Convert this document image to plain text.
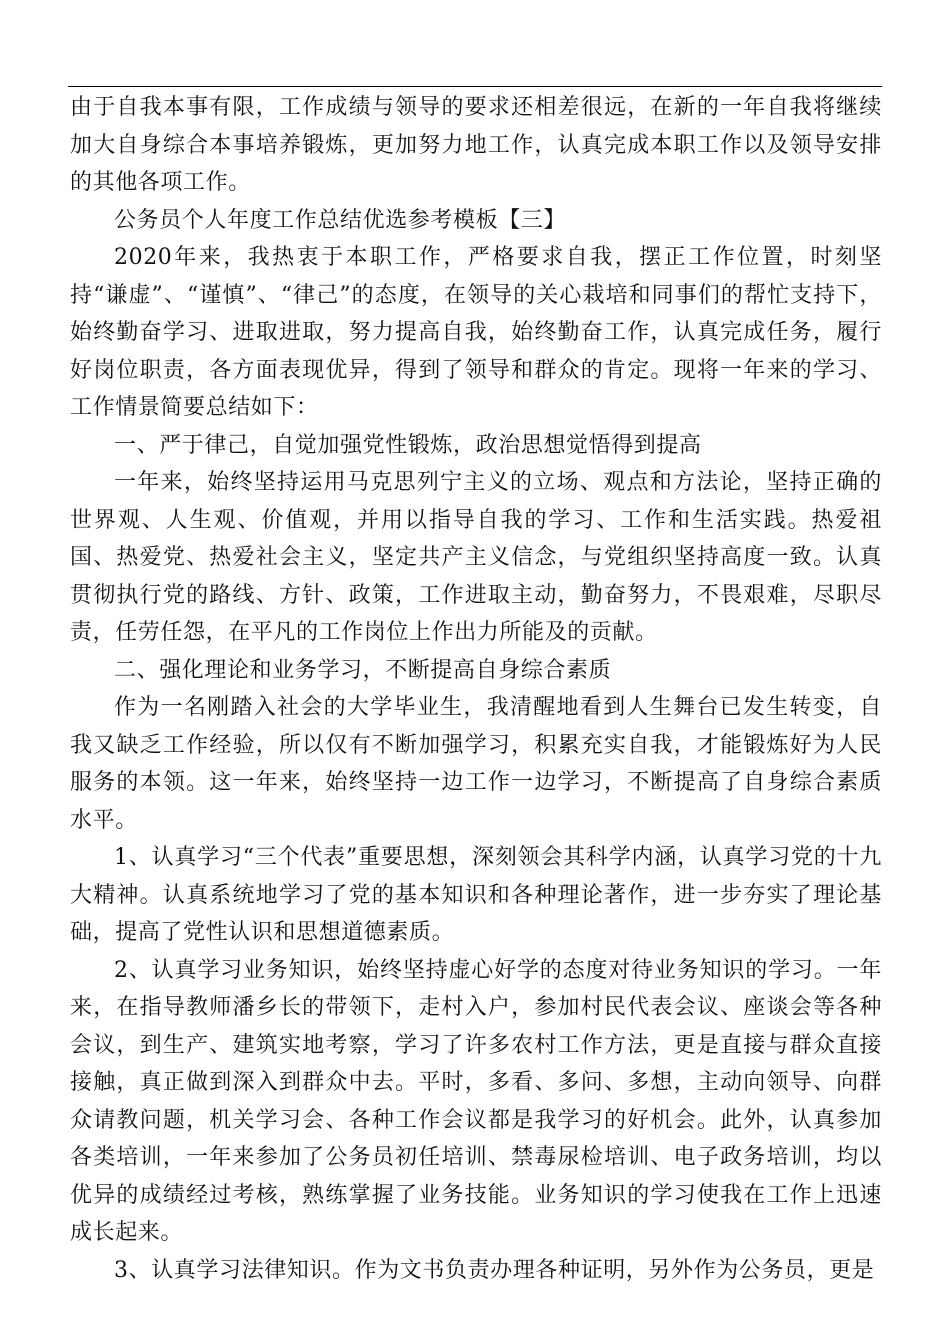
由于自我本事有限，工作成绩与领导的要求还相差很远，在新的一年自我将继续加大自身综合本事培养锻炼，更加努力地工作，认真完成本职工作以及领导安排的其他各项工作。

公务员个人年度工作总结优选参考模板【三】

2020年来，我热衷于本职工作，严格要求自我，摆正工作位置，时刻坚持“谦虚”、“谨慎”、“律己”的态度，在领导的关心栽培和同事们的帮忙支持下，始终勤奋学习、进取进取，努力提高自我，始终勤奋工作，认真完成任务，履行好岗位职责，各方面表现优异，得到了领导和群众的肯定。现将一年来的学习、工作情景简要总结如下：

一、严于律己，自觉加强党性锻炼，政治思想觉悟得到提高

一年来，始终坚持运用马克思列宁主义的立场、观点和方法论，坚持正确的世界观、人生观、价值观，并用以指导自我的学习、工作和生活实践。热爱祖国、热爱党、热爱社会主义，坚定共产主义信念，与党组织坚持高度一致。认真贯彻执行党的路线、方针、政策，工作进取主动，勤奋努力，不畏艰难，尽职尽责，任劳任怨，在平凡的工作岗位上作出力所能及的贡献。

二、强化理论和业务学习，不断提高自身综合素质

作为一名刚踏入社会的大学毕业生，我清醒地看到人生舞台已发生转变，自我又缺乏工作经验，所以仅有不断加强学习，积累充实自我，才能锻炼好为人民服务的本领。这一年来，始终坚持一边工作一边学习，不断提高了自身综合素质水平。

1、认真学习“三个代表”重要思想，深刻领会其科学内涵，认真学习党的十九大精神。认真系统地学习了党的基本知识和各种理论著作，进一步夯实了理论基础，提高了党性认识和思想道德素质。

2、认真学习业务知识，始终坚持虚心好学的态度对待业务知识的学习。一年来，在指导教师潘乡长的带领下，走村入户，参加村民代表会议、座谈会等各种会议，到生产、建筑实地考察，学习了许多农村工作方法，更是直接与群众直接接触，真正做到深入到群众中去。平时，多看、多问、多想，主动向领导、向群众请教问题，机关学习会、各种工作会议都是我学习的好机会。此外，认真参加各类培训，一年来参加了公务员初任培训、禁毒尿检培训、电子政务培训，均以优异的成绩经过考核，熟练掌握了业务技能。业务知识的学习使我在工作上迅速成长起来。

3、认真学习法律知识。作为文书负责办理各种证明，另外作为公务员，更是
